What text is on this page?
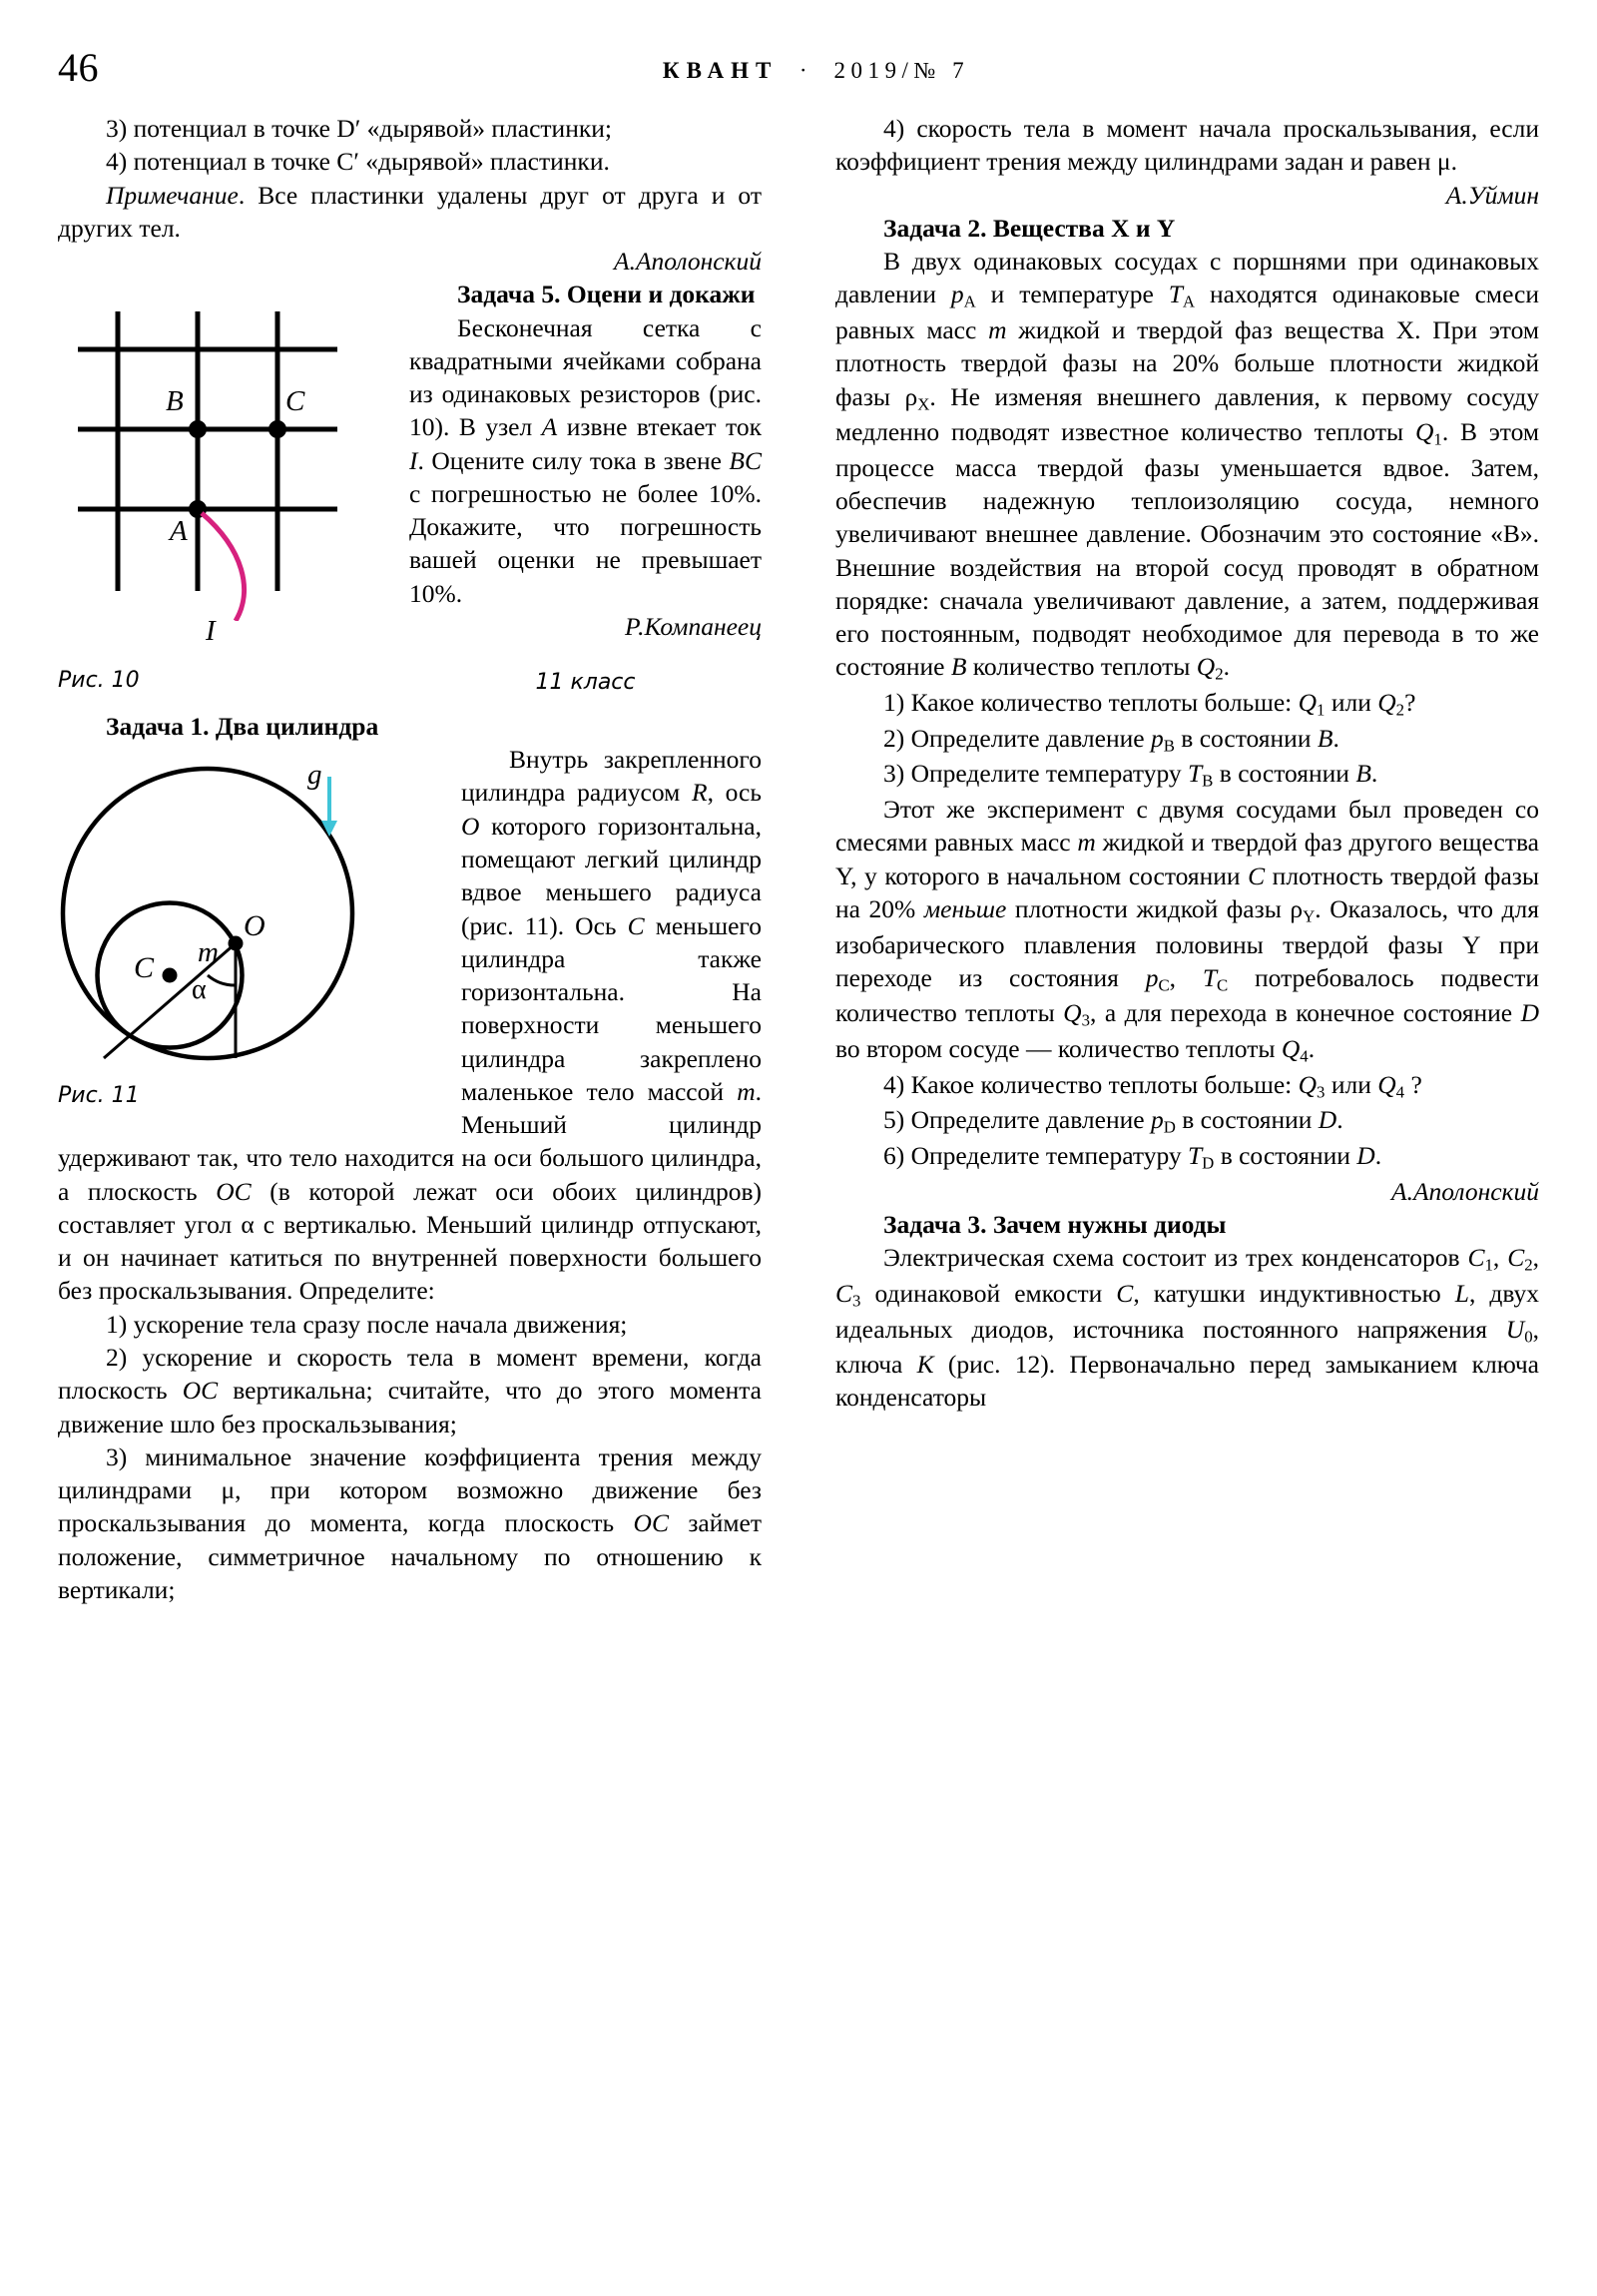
46	КВАНТ · 2019/№ 7

3) потенциал в точке D′ «дырявой» пластинки;

4) потенциал в точке C′ «дырявой» пластинки.

Примечание. Все пластинки удалены друг от друга и от других тел.

А.Аполонский

B	C
A
I

Рис. 10

Задача 5. Оцени и докажи

Бесконечная сетка с квадратными ячейками собрана из одинаковых резисторов (рис. 10). В узел A извне втекает ток I. Оцените силу тока в звене BC с погрешностью не более 10%. Докажите, что погрешность вашей оценки не превышает 10%.

Р.Компанеец

11 класс

Задача 1. Два цилиндра

g
O
m
C
α

Рис. 11

Внутрь закрепленного цилиндра радиусом R, ось O которого горизонтальна, помещают легкий цилиндр вдвое меньшего радиуса (рис. 11). Ось C меньшего цилиндра также горизонтальна. На поверхности меньшего цилиндра закреплено маленькое тело массой m. Меньший цилиндр удерживают так, что тело находится на оси большого цилиндра, а плоскость OC (в которой лежат оси обоих цилиндров) составляет угол α с вертикалью. Меньший цилиндр отпускают, и он начинает катиться по внутренней поверхности большего без проскальзывания. Определите:

1) ускорение тела сразу после начала движения;

2) ускорение и скорость тела в момент времени, когда плоскость OC вертикальна; считайте, что до этого момента движение шло без проскальзывания;

3) минимальное значение коэффициента трения между цилиндрами μ, при котором возможно движение без проскальзывания до момента, когда плоскость OC займет положение, симметричное начальному по отношению к вертикали;

4) скорость тела в момент начала проскальзывания, если коэффициент трения между цилиндрами задан и равен μ.

А.Уймин

Задача 2. Вещества X и Y

В двух одинаковых сосудах с поршнями при одинаковых давлении $p_A$ и температуре $T_A$ находятся одинаковые смеси равных масс m жидкой и твердой фаз вещества X. При этом плотность твердой фазы на 20% больше плотности жидкой фазы $\rho_X$. Не изменяя внешнего давления, к первому сосуду медленно подводят известное количество теплоты $Q_1$. В этом процессе масса твердой фазы уменьшается вдвое. Затем, обеспечив надежную теплоизоляцию сосуда, немного увеличивают внешнее давление. Обозначим это состояние «В». Внешние воздействия на второй сосуд проводят в обратном порядке: сначала увеличивают давление, а затем, поддерживая его постоянным, подводят необходимое для перевода в то же состояние B количество теплоты $Q_2$.

1) Какое количество теплоты больше: $Q_1$ или $Q_2$?

2) Определите давление $p_B$ в состоянии B.

3) Определите температуру $T_B$ в состоянии B.

Этот же эксперимент с двумя сосудами был проведен со смесями равных масс m жидкой и твердой фаз другого вещества Y, у которого в начальном состоянии C плотность твердой фазы на 20% меньше плотности жидкой фазы $\rho_Y$. Оказалось, что для изобарического плавления половины твердой фазы Y при переходе из состояния $p_C$, $T_C$ потребовалось подвести количество теплоты $Q_3$, а для перехода в конечное состояние D во втором сосуде — количество теплоты $Q_4$.

4) Какое количество теплоты больше: $Q_3$ или $Q_4$ ?

5) Определите давление $p_D$ в состоянии D.

6) Определите температуру $T_D$ в состоянии D.

А.Аполонский

Задача 3. Зачем нужны диоды

Электрическая схема состоит из трех конденсаторов $C_1$, $C_2$, $C_3$ одинаковой емкости C, катушки индуктивностью L, двух идеальных диодов, источника постоянного напряжения $U_0$, ключа K (рис. 12). Первоначально перед замыканием ключа конденсаторы
